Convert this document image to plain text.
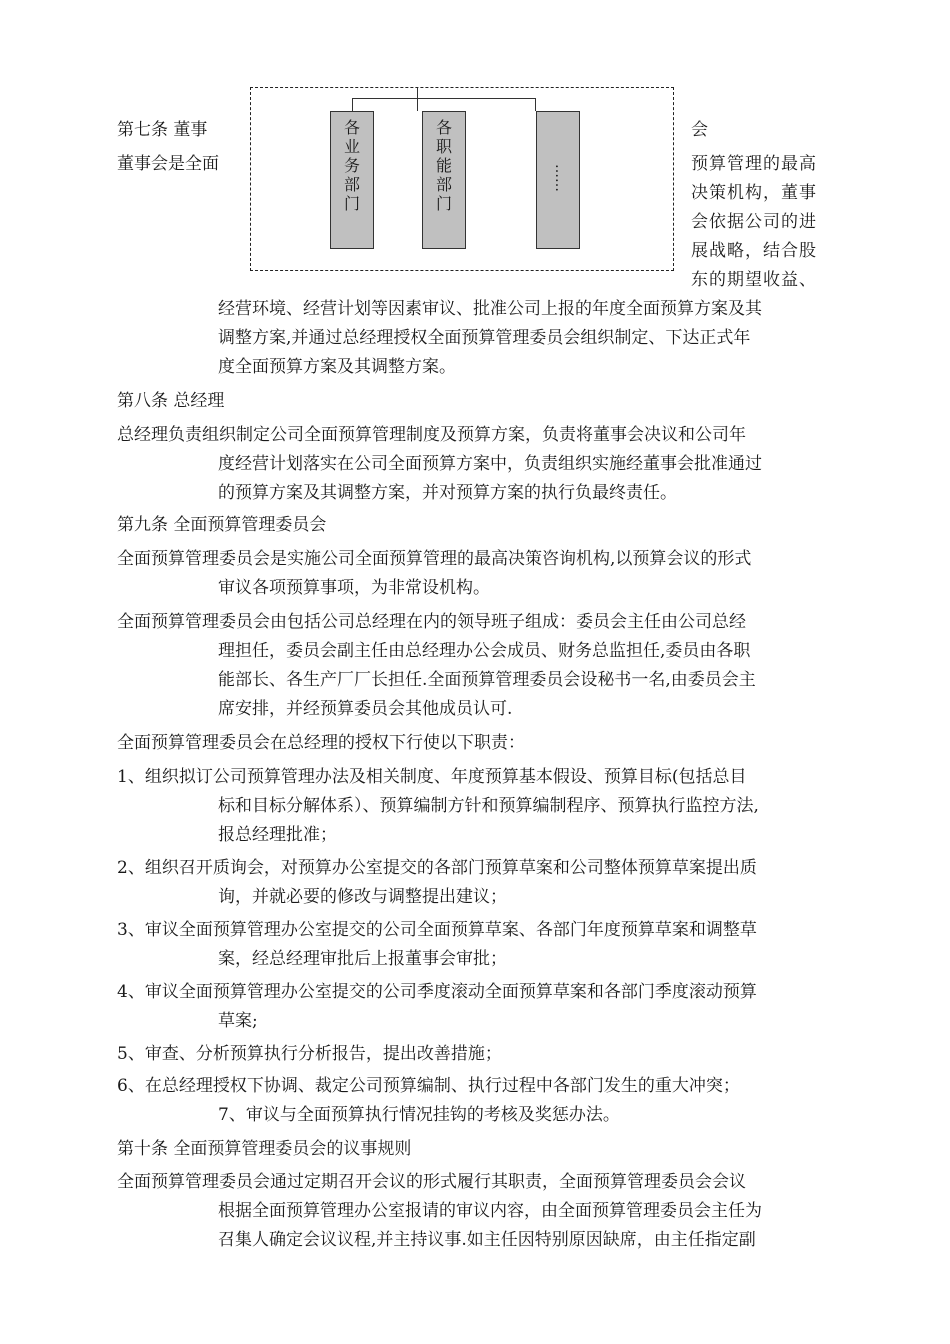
各
业
务
部
门
各
职
能
部
门
……
第七条 董事	会
董事会是全面	预算管理的最高
决策机构，董事
会依据公司的进
展战略，结合股
东的期望收益、
经营环境、经营计划等因素审议、批准公司上报的年度全面预算方案及其
调整方案,并通过总经理授权全面预算管理委员会组织制定、下达正式年
度全面预算方案及其调整方案。
第八条 总经理
总经理负责组织制定公司全面预算管理制度及预算方案，负责将董事会决议和公司年
度经营计划落实在公司全面预算方案中，负责组织实施经董事会批准通过
的预算方案及其调整方案，并对预算方案的执行负最终责任。
第九条 全面预算管理委员会
全面预算管理委员会是实施公司全面预算管理的最高决策咨询机构,以预算会议的形式
审议各项预算事项，为非常设机构。
全面预算管理委员会由包括公司总经理在内的领导班子组成：委员会主任由公司总经
理担任，委员会副主任由总经理办公会成员、财务总监担任,委员由各职
能部长、各生产厂厂长担任.全面预算管理委员会设秘书一名,由委员会主
席安排，并经预算委员会其他成员认可.
全面预算管理委员会在总经理的授权下行使以下职责：
1、组织拟订公司预算管理办法及相关制度、年度预算基本假设、预算目标(包括总目
标和目标分解体系）、预算编制方针和预算编制程序、预算执行监控方法,
报总经理批准；
2、组织召开质询会，对预算办公室提交的各部门预算草案和公司整体预算草案提出质
询，并就必要的修改与调整提出建议；
3、审议全面预算管理办公室提交的公司全面预算草案、各部门年度预算草案和调整草
案，经总经理审批后上报董事会审批；
4、审议全面预算管理办公室提交的公司季度滚动全面预算草案和各部门季度滚动预算
草案;
5、审查、分析预算执行分析报告，提出改善措施；
6、在总经理授权下协调、裁定公司预算编制、执行过程中各部门发生的重大冲突；
7、审议与全面预算执行情况挂钩的考核及奖惩办法。
第十条 全面预算管理委员会的议事规则
全面预算管理委员会通过定期召开会议的形式履行其职责，全面预算管理委员会会议
根据全面预算管理办公室报请的审议内容，由全面预算管理委员会主任为
召集人确定会议议程,并主持议事.如主任因特别原因缺席，由主任指定副
